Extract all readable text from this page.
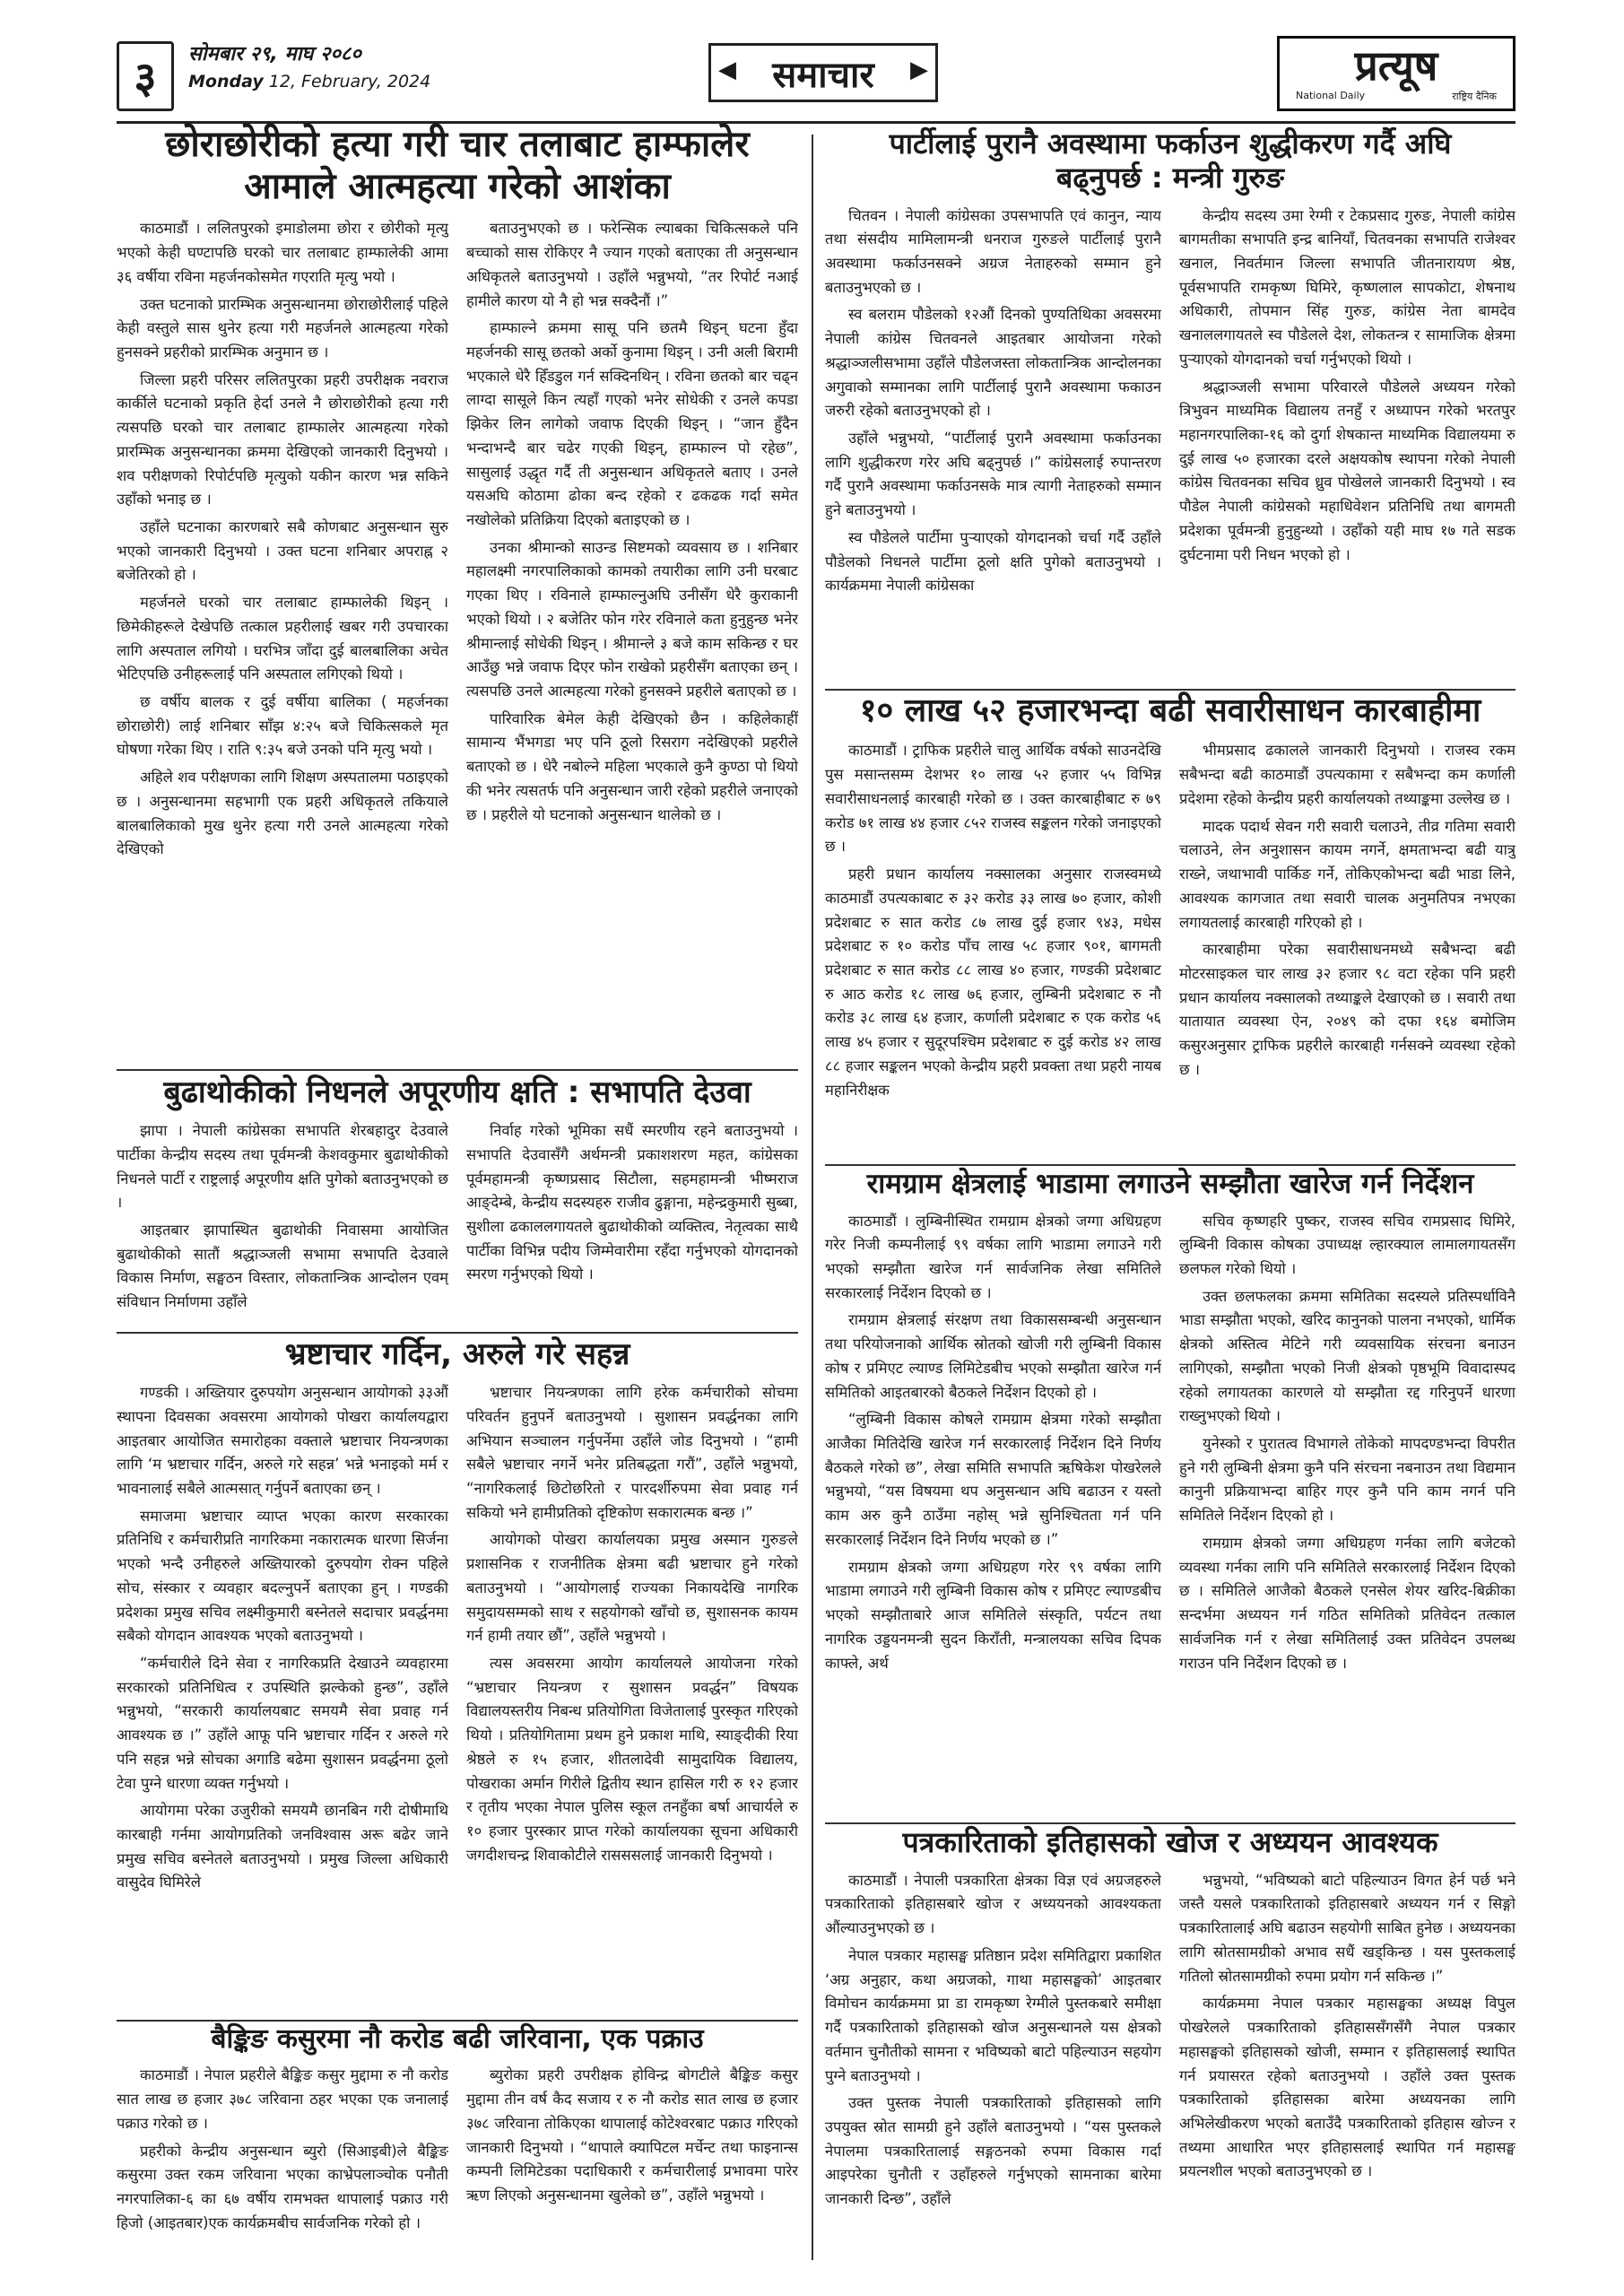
३	सोमबार २९, माघ २०८०
Monday 12, February, 2024	◀ समाचार ▶	प्रत्यूष
National Daily	राष्ट्रिय दैनिक
छोराछोरीको हत्या गरी चार तलाबाट हाम्फालेर
आमाले आत्महत्या गरेको आशंका

काठमाडौं । ललितपुरको इमाडोलमा छोरा र छोरीको मृत्यु भएको केही घण्टापछि घरको चार तलाबाट हाम्फालेकी आमा ३६ वर्षीया रविना महर्जनकोसमेत गएराति मृत्यु भयो ।

उक्त घटनाको प्रारम्भिक अनुसन्धानमा छोराछोरीलाई पहिले केही वस्तुले सास थुनेर हत्या गरी महर्जनले आत्महत्या गरेको हुनसक्ने प्रहरीको प्रारम्भिक अनुमान छ ।

जिल्ला प्रहरी परिसर ललितपुरका प्रहरी उपरीक्षक नवराज कार्कीले घटनाको प्रकृति हेर्दा उनले नै छोराछोरीको हत्या गरी त्यसपछि घरको चार तलाबाट हाम्फालेर आत्महत्या गरेको प्रारम्भिक अनुसन्धानका क्रममा देखिएको जानकारी दिनुभयो । शव परीक्षणको रिपोर्टपछि मृत्युको यकीन कारण भन्न सकिने उहाँको भनाइ छ ।

उहाँले घटनाका कारणबारे सबै कोणबाट अनुसन्धान सुरु भएको जानकारी दिनुभयो । उक्त घटना शनिबार अपराह्न २ बजेतिरको हो ।

महर्जनले घरको चार तलाबाट हाम्फालेकी थिइन् । छिमेकीहरूले देखेपछि तत्काल प्रहरीलाई खबर गरी उपचारका लागि अस्पताल लगियो । घरभित्र जाँदा दुई बालबालिका अचेत भेटिएपछि उनीहरूलाई पनि अस्पताल लगिएको थियो ।

छ वर्षीय बालक र दुई वर्षीया बालिका ( महर्जनका छोराछोरी) लाई शनिबार साँझ ४:२५ बजे चिकित्सकले मृत घोषणा गरेका थिए । राति ९:३५ बजे उनको पनि मृत्यु भयो ।

अहिले शव परीक्षणका लागि शिक्षण अस्पतालमा पठाइएको छ । अनुसन्धानमा सहभागी एक प्रहरी अधिकृतले तकियाले बालबालिकाको मुख थुनेर हत्या गरी उनले आत्महत्या गरेको देखिएको

बताउनुभएको छ । फरेन्सिक ल्याबका चिकित्सकले पनि बच्चाको सास रोकिएर नै ज्यान गएको बताएका ती अनुसन्धान अधिकृतले बताउनुभयो । उहाँले भन्नुभयो, “तर रिपोर्ट नआई हामीले कारण यो नै हो भन्न सक्दैनौं ।”

हाम्फाल्ने क्रममा सासू पनि छतमै थिइन् घटना हुँदा महर्जनकी सासू छतको अर्को कुनामा थिइन् । उनी अली बिरामी भएकाले धेरै हिँडडुल गर्न सक्दिनथिन् । रविना छतको बार चढ्न लाग्दा सासूले किन त्यहाँ गएको भनेर सोधेकी र उनले कपडा झिकेर लिन लागेको जवाफ दिएकी थिइन् । “जान हुँदैन भन्दाभन्दै बार चढेर गएकी थिइन्, हाम्फाल्न पो रहेछ”, सासुलाई उद्धृत गर्दै ती अनुसन्धान अधिकृतले बताए । उनले यसअघि कोठामा ढोका बन्द रहेको र ढकढक गर्दा समेत नखोलेको प्रतिक्रिया दिएको बताइएको छ ।

उनका श्रीमान्को साउन्ड सिष्टमको व्यवसाय छ । शनिबार महालक्ष्मी नगरपालिकाको कामको तयारीका लागि उनी घरबाट गएका थिए । रविनाले हाम्फाल्नुअघि उनीसँग धेरै कुराकानी भएको थियो । २ बजेतिर फोन गरेर रविनाले कता हुनुहुन्छ भनेर श्रीमान्लाई सोधेकी थिइन् । श्रीमान्ले ३ बजे काम सकिन्छ र घर आउँछु भन्ने जवाफ दिएर फोन राखेको प्रहरीसँग बताएका छन् । त्यसपछि उनले आत्महत्या गरेको हुनसक्ने प्रहरीले बताएको छ ।

पारिवारिक बेमेल केही देखिएको छैन । कहिलेकाहीं सामान्य भैंभगडा भए पनि ठूलो रिसराग नदेखिएको प्रहरीले बताएको छ । धेरै नबोल्ने महिला भएकाले कुनै कुण्ठा पो थियो की भनेर त्यसतर्फ पनि अनुसन्धान जारी रहेको प्रहरीले जनाएको छ । प्रहरीले यो घटनाको अनुसन्धान थालेको छ ।

बुढाथोकीको निधनले अपूरणीय क्षति : सभापति देउवा

झापा । नेपाली कांग्रेसका सभापति शेरबहादुर देउवाले पार्टीका केन्द्रीय सदस्य तथा पूर्वमन्त्री केशवकुमार बुढाथोकीको निधनले पार्टी र राष्ट्रलाई अपूरणीय क्षति पुगेको बताउनुभएको छ ।

आइतबार झापास्थित बुढाथोकी निवासमा आयोजित बुढाथोकीको सातौं श्रद्धाञ्जली सभामा सभापति देउवाले विकास निर्माण, सङ्घठन विस्तार, लोकतान्त्रिक आन्दोलन एवम् संविधान निर्माणमा उहाँले

निर्वाह गरेको भूमिका सधैं स्मरणीय रहने बताउनुभयो । सभापति देउवासँगै अर्थमन्त्री प्रकाशशरण महत, कांग्रेसका पूर्वमहामन्त्री कृष्णप्रसाद सिटौला, सहमहामन्त्री भीष्मराज आङ्देम्बे, केन्द्रीय सदस्यहरु राजीव ढुङ्गाना, महेन्द्रकुमारी सुब्बा, सुशीला ढकाललगायतले बुढाथोकीको व्यक्तित्व, नेतृत्वका साथै पार्टीका विभिन्न पदीय जिम्मेवारीमा रहँदा गर्नुभएको योगदानको स्मरण गर्नुभएको थियो ।

भ्रष्टाचार गर्दिन, अरुले गरे सहन्न

गण्डकी । अख्तियार दुरुपयोग अनुसन्धान आयोगको ३३औं स्थापना दिवसका अवसरमा आयोगको पोखरा कार्यालयद्वारा आइतबार आयोजित समारोहका वक्ताले भ्रष्टाचार नियन्त्रणका लागि ‘म भ्रष्टाचार गर्दिन, अरुले गरे सहन्न’ भन्ने भनाइको मर्म र भावनालाई सबैले आत्मसात् गर्नुपर्ने बताएका छन् ।

समाजमा भ्रष्टाचार व्याप्त भएका कारण सरकारका प्रतिनिधि र कर्मचारीप्रति नागरिकमा नकारात्मक धारणा सिर्जना भएको भन्दै उनीहरुले अख्तियारको दुरुपयोग रोक्न पहिले सोच, संस्कार र व्यवहार बदल्नुपर्ने बताएका हुन् । गण्डकी प्रदेशका प्रमुख सचिव लक्ष्मीकुमारी बस्नेतले सदाचार प्रवर्द्धनमा सबैको योगदान आवश्यक भएको बताउनुभयो ।

“कर्मचारीले दिने सेवा र नागरिकप्रति देखाउने व्यवहारमा सरकारको प्रतिनिधित्व र उपस्थिति झल्केको हुन्छ”, उहाँले भन्नुभयो, “सरकारी कार्यालयबाट समयमै सेवा प्रवाह गर्न आवश्यक छ ।” उहाँले आफू पनि भ्रष्टाचार गर्दिन र अरुले गरे पनि सहन्न भन्ने सोचका अगाडि बढेमा सुशासन प्रवर्द्धनमा ठूलो टेवा पुग्ने धारणा व्यक्त गर्नुभयो ।

आयोगमा परेका उजुरीको समयमै छानबिन गरी दोषीमाथि कारबाही गर्नमा आयोगप्रतिको जनविश्वास अरू बढेर जाने प्रमुख सचिव बस्नेतले बताउनुभयो । प्रमुख जिल्ला अधिकारी वासुदेव घिमिरेले

भ्रष्टाचार नियन्त्रणका लागि हरेक कर्मचारीको सोचमा परिवर्तन हुनुपर्ने बताउनुभयो । सुशासन प्रवर्द्धनका लागि अभियान सञ्चालन गर्नुपर्नेमा उहाँले जोड दिनुभयो । “हामी सबैले भ्रष्टाचार नगर्ने भनेर प्रतिबद्धता गरौं”, उहाँले भन्नुभयो, “नागरिकलाई छिटोछरितो र पारदर्शीरुपमा सेवा प्रवाह गर्न सकियो भने हामीप्रतिको दृष्टिकोण सकारात्मक बन्छ ।”

आयोगको पोखरा कार्यालयका प्रमुख अस्मान गुरुङले प्रशासनिक र राजनीतिक क्षेत्रमा बढी भ्रष्टाचार हुने गरेको बताउनुभयो । “आयोगलाई राज्यका निकायदेखि नागरिक समुदायसम्मको साथ र सहयोगको खाँचो छ, सुशासनक कायम गर्न हामी तयार छौं”, उहाँले भन्नुभयो ।

त्यस अवसरमा आयोग कार्यालयले आयोजना गरेको “भ्रष्टाचार नियन्त्रण र सुशासन प्रवर्द्धन” विषयक विद्यालयस्तरीय निबन्ध प्रतियोगिता विजेतालाई पुरस्कृत गरिएको थियो । प्रतियोगितामा प्रथम हुने प्रकाश माथि, स्याङ्दीकी रिया श्रेष्ठले रु १५ हजार, शीतलादेवी सामुदायिक विद्यालय, पोखराका अर्मान गिरीले द्वितीय स्थान हासिल गरी रु १२ हजार र तृतीय भएका नेपाल पुलिस स्कूल तनहुँका बर्षा आचार्यले रु १० हजार पुरस्कार प्राप्त गरेको कार्यालयका सूचना अधिकारी जगदीशचन्द्र शिवाकोटीले रासससलाई जानकारी दिनुभयो ।

बैङ्किङ कसुरमा नौ करोड बढी जरिवाना, एक पक्राउ

काठमाडौं । नेपाल प्रहरीले बैङ्किङ कसुर मुद्दामा रु नौ करोड सात लाख छ हजार ३७८ जरिवाना ठहर भएका एक जनालाई पक्राउ गरेको छ ।

प्रहरीको केन्द्रीय अनुसन्धान ब्युरो (सिआइबी)ले बैङ्किङ कसुरमा उक्त रकम जरिवाना भएका काभ्रेपलाञ्चोक पनौती नगरपालिका-६ का ६७ वर्षीय रामभक्त थापालाई पक्राउ गरी हिजो (आइतबार)एक कार्यक्रमबीच सार्वजनिक गरेको हो ।

ब्युरोका प्रहरी उपरीक्षक होविन्द्र बोगटीले बैङ्किङ कसुर मुद्दामा तीन वर्ष कैद सजाय र रु नौ करोड सात लाख छ हजार ३७८ जरिवाना तोकिएका थापालाई कोटेश्वरबाट पक्राउ गरिएको जानकारी दिनुभयो । “थापाले क्यापिटल मर्चेन्ट तथा फाइनान्स कम्पनी लिमिटेडका पदाधिकारी र कर्मचारीलाई प्रभावमा पारेर ऋण लिएको अनुसन्धानमा खुलेको छ”, उहाँले भन्नुभयो ।

पार्टीलाई पुरानै अवस्थामा फर्काउन शुद्धीकरण गर्दै अघि
बढ्नुपर्छ : मन्त्री गुरुङ

चितवन । नेपाली कांग्रेसका उपसभापति एवं कानुन, न्याय तथा संसदीय मामिलामन्त्री धनराज गुरुङले पार्टीलाई पुरानै अवस्थामा फर्काउनसक्ने अग्रज नेताहरुको सम्मान हुने बताउनुभएको छ ।

स्व बलराम पौडेलको १२औं दिनको पुण्यतिथिका अवसरमा नेपाली कांग्रेस चितवनले आइतबार आयोजना गरेको श्रद्धाञ्जलीसभामा उहाँले पौडेलजस्ता लोकतान्त्रिक आन्दोलनका अगुवाको सम्मानका लागि पार्टीलाई पुरानै अवस्थामा फकाउन जरुरी रहेको बताउनुभएको हो ।

उहाँले भन्नुभयो, “पार्टीलाई पुरानै अवस्थामा फर्काउनका लागि शुद्धीकरण गरेर अघि बढ्नुपर्छ ।” कांग्रेसलाई रुपान्तरण गर्दै पुरानै अवस्थामा फर्काउनसके मात्र त्यागी नेताहरुको सम्मान हुने बताउनुभयो ।

स्व पौडेलले पार्टीमा पुऱ्याएको योगदानको चर्चा गर्दै उहाँले पौडेलको निधनले पार्टीमा ठूलो क्षति पुगेको बताउनुभयो । कार्यक्रममा नेपाली कांग्रेसका

केन्द्रीय सदस्य उमा रेग्मी र टेकप्रसाद गुरुङ, नेपाली कांग्रेस बागमतीका सभापति इन्द्र बानियाँ, चितवनका सभापति राजेश्वर खनाल, निवर्तमान जिल्ला सभापति जीतनारायण श्रेष्ठ, पूर्वसभापति रामकृष्ण घिमिरे, कृष्णलाल सापकोटा, शेषनाथ अधिकारी, तोपमान सिंह गुरुङ, कांग्रेस नेता बामदेव खनाललगायतले स्व पौडेलले देश, लोकतन्त्र र सामाजिक क्षेत्रमा पुऱ्याएको योगदानको चर्चा गर्नुभएको थियो ।

श्रद्धाञ्जली सभामा परिवारले पौडेलले अध्ययन गरेको त्रिभुवन माध्यमिक विद्यालय तनहुँ र अध्यापन गरेको भरतपुर महानगरपालिका-१६ को दुर्गा शेषकान्त माध्यमिक विद्यालयमा रु दुई लाख ५० हजारका दरले अक्षयकोष स्थापना गरेको नेपाली कांग्रेस चितवनका सचिव ध्रुव पोखेलले जानकारी दिनुभयो । स्व पौडेल नेपाली कांग्रेसको महाधिवेशन प्रतिनिधि तथा बागमती प्रदेशका पूर्वमन्त्री हुनुहुन्थ्यो । उहाँको यही माघ १७ गते सडक दुर्घटनामा परी निधन भएको हो ।

१० लाख ५२ हजारभन्दा बढी सवारीसाधन कारबाहीमा

काठमाडौं । ट्राफिक प्रहरीले चालु आर्थिक वर्षको साउनदेखि पुस मसान्तसम्म देशभर १० लाख ५२ हजार ५५ विभिन्न सवारीसाधनलाई कारबाही गरेको छ । उक्त कारबाहीबाट रु ७९ करोड ७१ लाख ४४ हजार ८५२ राजस्व सङ्कलन गरेको जनाइएको छ ।

प्रहरी प्रधान कार्यालय नक्सालका अनुसार राजस्वमध्ये काठमाडौं उपत्यकाबाट रु ३२ करोड ३३ लाख ७० हजार, कोशी प्रदेशबाट रु सात करोड ८७ लाख दुई हजार ९४३, मधेस प्रदेशबाट रु १० करोड पाँच लाख ५८ हजार ९०१, बागमती प्रदेशबाट रु सात करोड ८८ लाख ४० हजार, गण्डकी प्रदेशबाट रु आठ करोड १८ लाख ७६ हजार, लुम्बिनी प्रदेशबाट रु नौ करोड ३८ लाख ६४ हजार, कर्णाली प्रदेशबाट रु एक करोड ५६ लाख ४५ हजार र सुदूरपश्चिम प्रदेशबाट रु दुई करोड ४२ लाख ८८ हजार सङ्कलन भएको केन्द्रीय प्रहरी प्रवक्ता तथा प्रहरी नायब महानिरीक्षक

भीमप्रसाद ढकालले जानकारी दिनुभयो । राजस्व रकम सबैभन्दा बढी काठमाडौं उपत्यकामा र सबैभन्दा कम कर्णाली प्रदेशमा रहेको केन्द्रीय प्रहरी कार्यालयको तथ्याङ्कमा उल्लेख छ ।

मादक पदार्थ सेवन गरी सवारी चलाउने, तीव्र गतिमा सवारी चलाउने, लेन अनुशासन कायम नगर्ने, क्षमताभन्दा बढी यात्रु राख्ने, जथाभावी पार्किङ गर्ने, तोकिएकोभन्दा बढी भाडा लिने, आवश्यक कागजात तथा सवारी चालक अनुमतिपत्र नभएका लगायतलाई कारबाही गरिएको हो ।

कारबाहीमा परेका सवारीसाधनमध्ये सबैभन्दा बढी मोटरसाइकल चार लाख ३२ हजार ९८ वटा रहेका पनि प्रहरी प्रधान कार्यालय नक्सालको तथ्याङ्कले देखाएको छ । सवारी तथा यातायात व्यवस्था ऐन, २०४९ को दफा १६४ बमोजिम कसुरअनुसार ट्राफिक प्रहरीले कारबाही गर्नसक्ने व्यवस्था रहेको छ ।

रामग्राम क्षेत्रलाई भाडामा लगाउने सम्झौता खारेज गर्न निर्देशन

काठमाडौं । लुम्बिनीस्थित रामग्राम क्षेत्रको जग्गा अधिग्रहण गरेर निजी कम्पनीलाई ९९ वर्षका लागि भाडामा लगाउने गरी भएको सम्झौता खारेज गर्न सार्वजनिक लेखा समितिले सरकारलाई निर्देशन दिएको छ ।

रामग्राम क्षेत्रलाई संरक्षण तथा विकाससम्बन्धी अनुसन्धान तथा परियोजनाको आर्थिक स्रोतको खोजी गरी लुम्बिनी विकास कोष र प्रमिएट ल्याण्ड लिमिटेडबीच भएको सम्झौता खारेज गर्न समितिको आइतबारको बैठकले निर्देशन दिएको हो ।

“लुम्बिनी विकास कोषले रामग्राम क्षेत्रमा गरेको सम्झौता आजैका मितिदेखि खारेज गर्न सरकारलाई निर्देशन दिने निर्णय बैठकले गरेको छ”, लेखा समिति सभापति ऋषिकेश पोखरेलले भन्नुभयो, “यस विषयमा थप अनुसन्धान अघि बढाउन र यस्तो काम अरु कुनै ठाउँमा नहोस् भन्ने सुनिश्चितता गर्न पनि सरकारलाई निर्देशन दिने निर्णय भएको छ ।”

रामग्राम क्षेत्रको जग्गा अधिग्रहण गरेर ९९ वर्षका लागि भाडामा लगाउने गरी लुम्बिनी विकास कोष र प्रमिएट ल्याण्डबीच भएको सम्झौताबारे आज समितिले संस्कृति, पर्यटन तथा नागरिक उड्डयनमन्त्री सुदन किराँती, मन्त्रालयका सचिव दिपक काफ्ले, अर्थ

सचिव कृष्णहरि पुष्कर, राजस्व सचिव रामप्रसाद घिमिरे, लुम्बिनी विकास कोषका उपाध्यक्ष ल्हारक्याल लामालगायतसँग छलफल गरेको थियो ।

उक्त छलफलका क्रममा समितिका सदस्यले प्रतिस्पर्धाविनै भाडा सम्झौता भएको, खरिद कानुनको पालना नभएको, धार्मिक क्षेत्रको अस्तित्व मेटिने गरी व्यवसायिक संरचना बनाउन लागिएको, सम्झौता भएको निजी क्षेत्रको पृष्ठभूमि विवादास्पद रहेको लगायतका कारणले यो सम्झौता रद्द गरिनुपर्ने धारणा राख्नुभएको थियो ।

युनेस्को र पुरातत्व विभागले तोकेको मापदण्डभन्दा विपरीत हुने गरी लुम्बिनी क्षेत्रमा कुनै पनि संरचना नबनाउन तथा विद्यमान कानुनी प्रक्रियाभन्दा बाहिर गएर कुनै पनि काम नगर्न पनि समितिले निर्देशन दिएको हो ।

रामग्राम क्षेत्रको जग्गा अधिग्रहण गर्नका लागि बजेटको व्यवस्था गर्नका लागि पनि समितिले सरकारलाई निर्देशन दिएको छ । समितिले आजैको बैठकले एनसेल शेयर खरिद-बिक्रीका सन्दर्भमा अध्ययन गर्न गठित समितिको प्रतिवेदन तत्काल सार्वजनिक गर्न र लेखा समितिलाई उक्त प्रतिवेदन उपलब्ध गराउन पनि निर्देशन दिएको छ ।

पत्रकारिताको इतिहासको खोज र अध्ययन आवश्यक

काठमाडौं । नेपाली पत्रकारिता क्षेत्रका विज्ञ एवं अग्रजहरुले पत्रकारिताको इतिहासबारे खोज र अध्ययनको आवश्यकता औंल्याउनुभएको छ ।

नेपाल पत्रकार महासङ्घ प्रतिष्ठान प्रदेश समितिद्वारा प्रकाशित ‘अग्र अनुहार, कथा अग्रजको, गाथा महासङ्घको’ आइतबार विमोचन कार्यक्रममा प्रा डा रामकृष्ण रेग्मीले पुस्तकबारे समीक्षा गर्दै पत्रकारिताको इतिहासको खोज अनुसन्धानले यस क्षेत्रको वर्तमान चुनौतीको सामना र भविष्यको बाटो पहिल्याउन सहयोग पुग्ने बताउनुभयो ।

उक्त पुस्तक नेपाली पत्रकारिताको इतिहासको लागि उपयुक्त स्रोत सामग्री हुने उहाँले बताउनुभयो । “यस पुस्तकले नेपालमा पत्रकारितालाई सङ्गठनको रुपमा विकास गर्दा आइपरेका चुनौती र उहाँहरुले गर्नुभएको सामनाका बारेमा जानकारी दिन्छ”, उहाँले

भन्नुभयो, “भविष्यको बाटो पहिल्याउन विगत हेर्न पर्छ भने जस्तै यसले पत्रकारिताको इतिहासबारे अध्ययन गर्न र सिङ्गो पत्रकारितालाई अघि बढाउन सहयोगी साबित हुनेछ । अध्ययनका लागि स्रोतसामग्रीको अभाव सधैं खड्किन्छ । यस पुस्तकलाई गतिलो स्रोतसामग्रीको रुपमा प्रयोग गर्न सकिन्छ ।”

कार्यक्रममा नेपाल पत्रकार महासङ्घका अध्यक्ष विपुल पोखरेलले पत्रकारिताको इतिहाससँगसँगै नेपाल पत्रकार महासङ्घको इतिहासको खोजी, सम्मान र इतिहासलाई स्थापित गर्न प्रयासरत रहेको बताउनुभयो । उहाँले उक्त पुस्तक पत्रकारिताको इतिहासका बारेमा अध्ययनका लागि अभिलेखीकरण भएको बताउँदै पत्रकारिताको इतिहास खोज्न र तथ्यमा आधारित भएर इतिहासलाई स्थापित गर्न महासङ्घ प्रयत्नशील भएको बताउनुभएको छ ।
